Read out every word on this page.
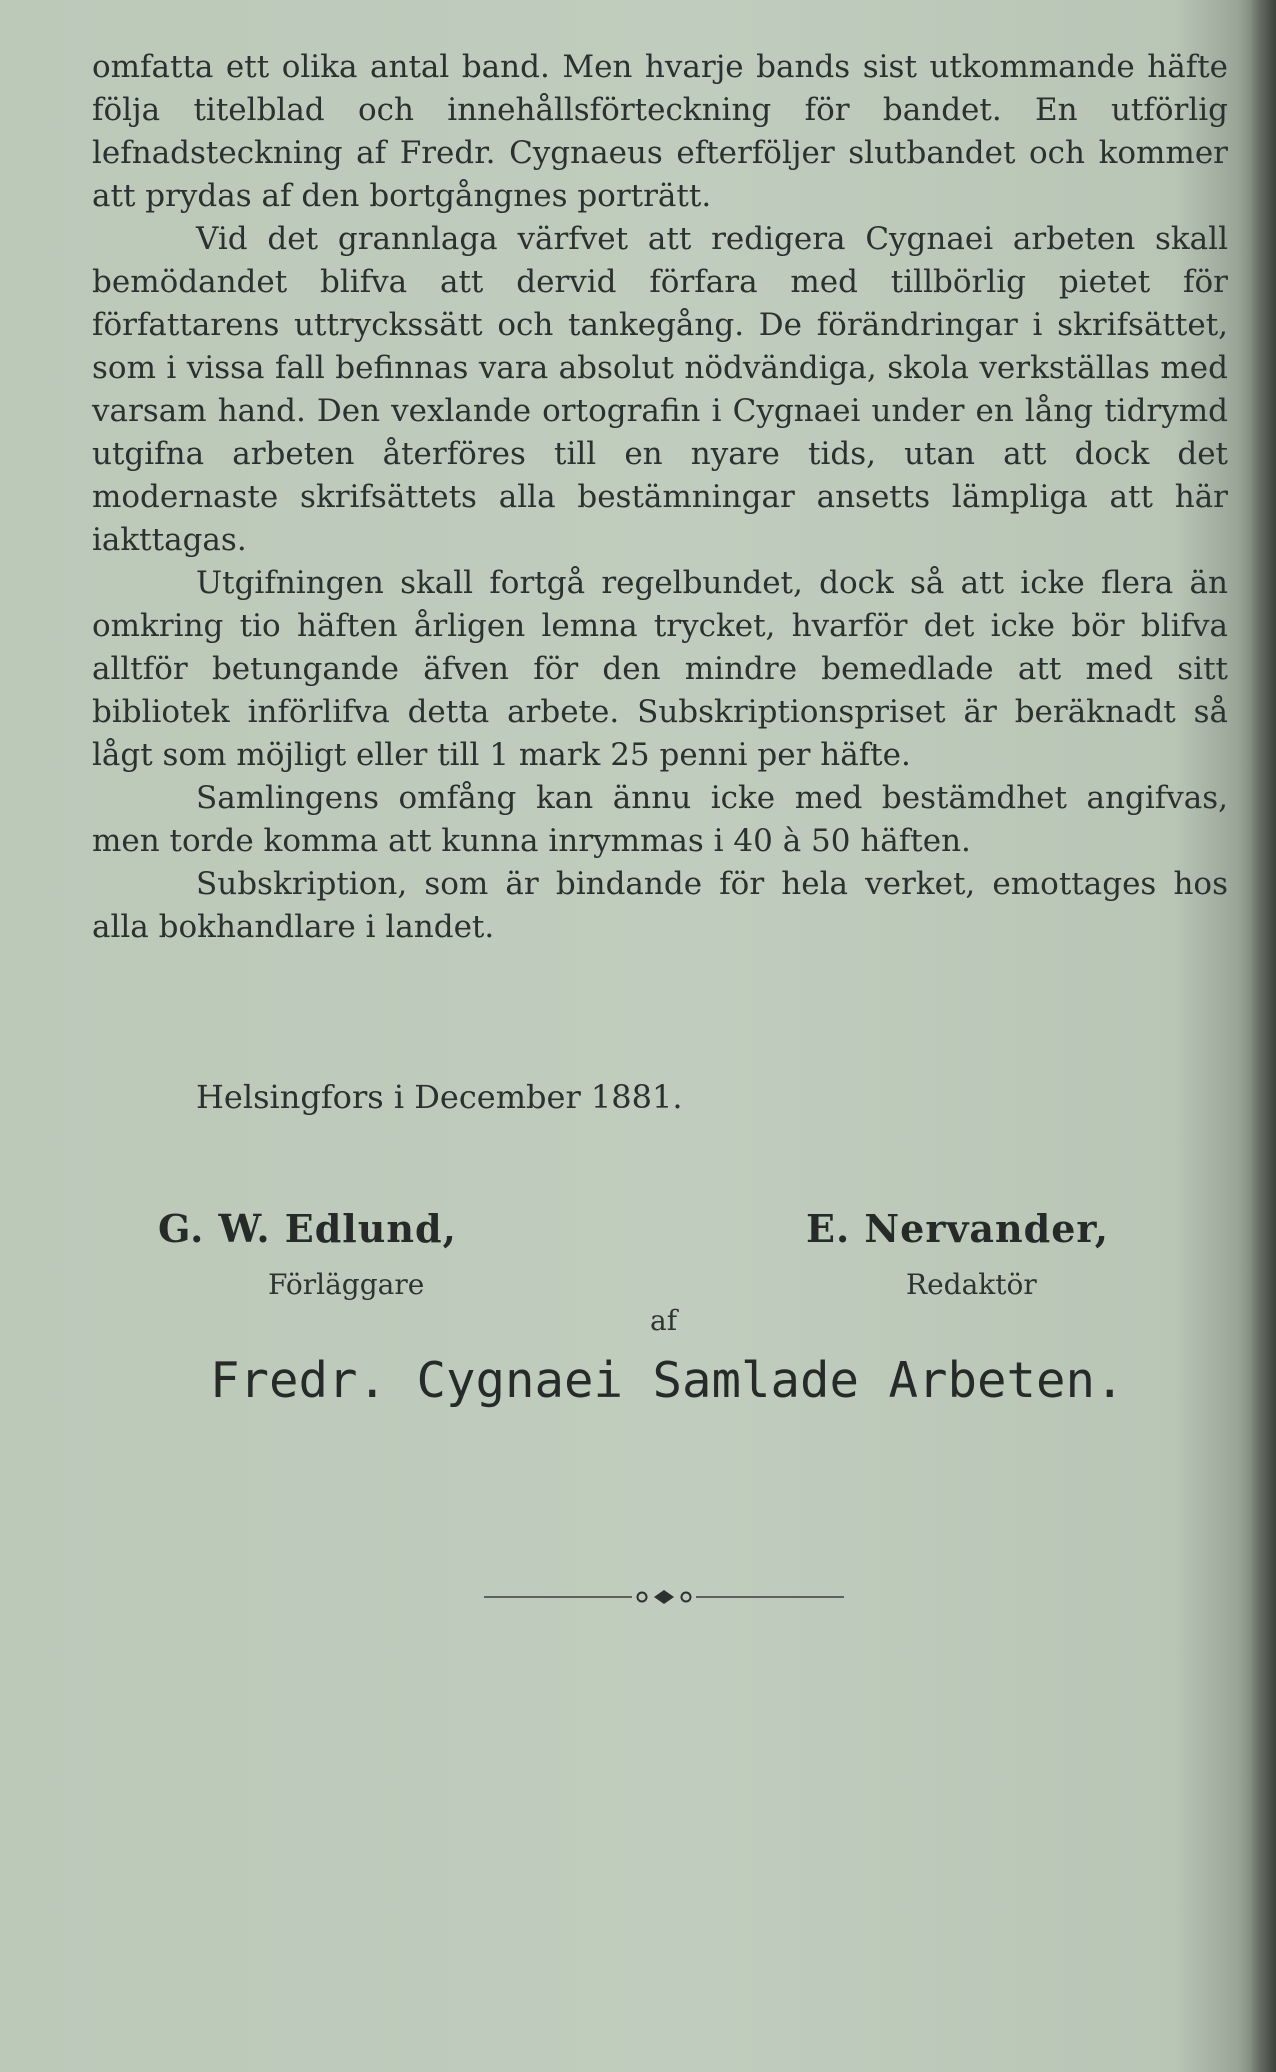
omfatta ett olika antal band. Men hvarje bands sist utkommande häfte följa titelblad och innehållsförteckning för bandet. En utförlig lefnadsteckning af Fredr. Cygnaeus efterföljer slutbandet och kommer att prydas af den bortgångnes porträtt.

Vid det grannlaga värfvet att redigera Cygnaei arbeten skall bemödandet blifva att dervid förfara med tillbörlig pietet för författarens uttryckssätt och tankegång. De förändringar i skrifsättet, som i vissa fall befinnas vara absolut nödvändiga, skola verkställas med varsam hand. Den vexlande ortografin i Cygnaei under en lång tidrymd utgifna arbeten återföres till en nyare tids, utan att dock det modernaste skrifsättets alla bestämningar ansetts lämpliga att här iakttagas.

Utgifningen skall fortgå regelbundet, dock så att icke flera än omkring tio häften årligen lemna trycket, hvarför det icke bör blifva alltför betungande äfven för den mindre bemedlade att med sitt bibliotek införlifva detta arbete. Subskriptionspriset är beräknadt så lågt som möjligt eller till 1 mark 25 penni per häfte.

Samlingens omfång kan ännu icke med bestämdhet angifvas, men torde komma att kunna inrymmas i 40 à 50 häften.

Subskription, som är bindande för hela verket, emottages hos alla bokhandlare i landet.

Helsingfors i December 1881.
G. W. Edlund,	E. Nervander,
Förläggare	Redaktör
af
Fredr. Cygnaei Samlade Arbeten.
